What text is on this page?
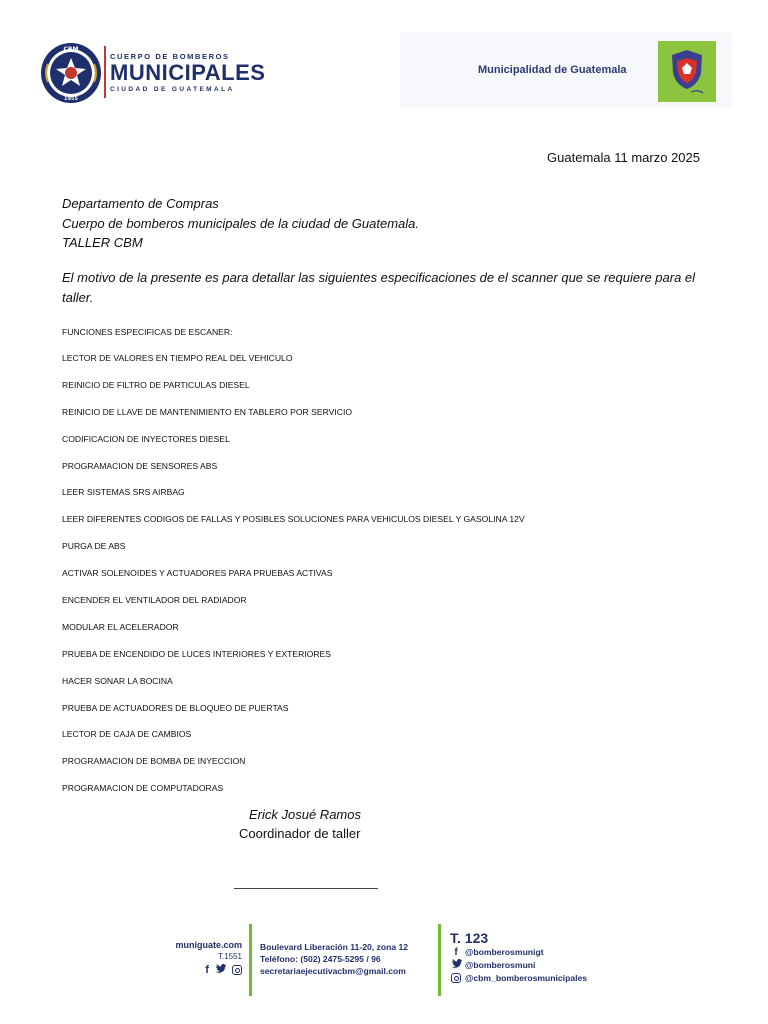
CBM
1955
CUERPO DE BOMBEROS
MUNICIPALES
CIUDAD DE GUATEMALA
Municipalidad de Guatemala
Guatemala 11 marzo 2025
Departamento de Compras
Cuerpo de bomberos municipales de la ciudad de Guatemala.
TALLER CBM
El motivo de la presente es para detallar las siguientes especificaciones de el scanner que se requiere para el taller.
FUNCIONES ESPECIFICAS DE ESCANER:
LECTOR DE VALORES EN TIEMPO REAL DEL VEHICULO
REINICIO DE FILTRO DE PARTICULAS DIESEL
REINICIO DE LLAVE DE MANTENIMIENTO EN TABLERO POR SERVICIO
CODIFICACION DE INYECTORES DIESEL
PROGRAMACION DE SENSORES ABS
LEER SISTEMAS SRS AIRBAG
LEER DIFERENTES CODIGOS DE FALLAS Y POSIBLES SOLUCIONES PARA VEHICULOS DIESEL Y GASOLINA 12V
PURGA DE ABS
ACTIVAR SOLENOIDES Y ACTUADORES PARA PRUEBAS ACTIVAS
ENCENDER EL VENTILADOR DEL RADIADOR
MODULAR EL ACELERADOR
PRUEBA DE ENCENDIDO DE LUCES INTERIORES Y EXTERIORES
HACER SONAR LA BOCINA
PRUEBA DE ACTUADORES DE BLOQUEO DE PUERTAS
LECTOR DE CAJA DE CAMBIOS
PROGRAMACION DE BOMBA DE INYECCION
PROGRAMACION DE COMPUTADORAS
Erick Josué Ramos
Coordinador de taller
muniguate.com
T.1551
f
Boulevard Liberación 11-20, zona 12
Teléfono: (502) 2475-5295 / 96
secretariaejecutivacbm@gmail.com
T. 123
f @bomberosmunigt
@bomberosmuni
@cbm_bomberosmunicipales
